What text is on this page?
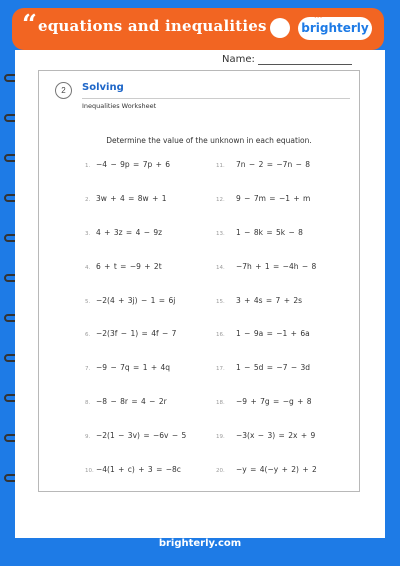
“ equations and inequalities	brighterly
•••
Name:
2	Solving
Inequalities Worksheet
Determine the value of the unknown in each equation.
1. −4 − 9p = 7p + 6
2. 3w + 4 = 8w + 1
3. 4 + 3z = 4 − 9z
4. 6 + t = −9 + 2t
5. −2(4 + 3j) − 1 = 6j
6. −2(3f − 1) = 4f − 7
7. −9 − 7q = 1 + 4q
8. −8 − 8r = 4 − 2r
9. −2(1 − 3v) = −6v − 5
10. −4(1 + c) + 3 = −8c
11. 7n − 2 = −7n − 8
12. 9 − 7m = −1 + m
13. 1 − 8k = 5k − 8
14. −7h + 1 = −4h − 8
15. 3 + 4s = 7 + 2s
16. 1 − 9a = −1 + 6a
17. 1 − 5d = −7 − 3d
18. −9 + 7g = −g + 8
19. −3(x − 3) = 2x + 9
20. −y = 4(−y + 2) + 2
brighterly.com
